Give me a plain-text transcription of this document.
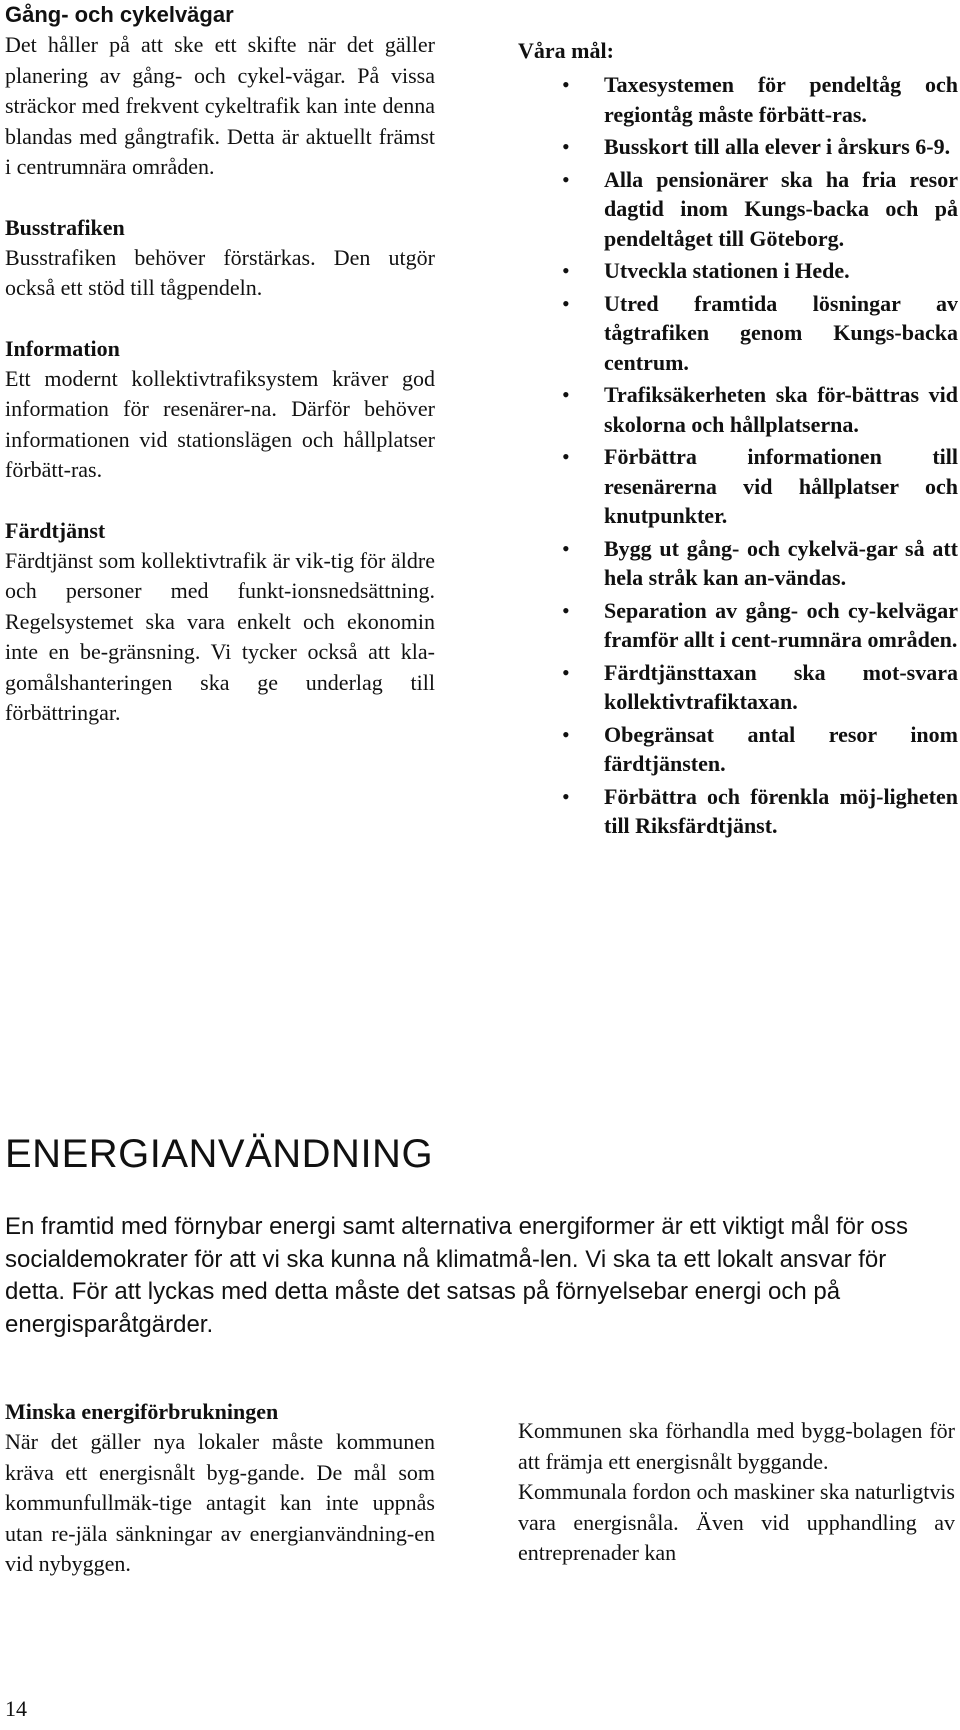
Gång- och cykelvägar

Det håller på att ske ett skifte när det gäller planering av gång- och cykel-vägar. På vissa sträckor med frekvent cykeltrafik kan inte denna blandas med gångtrafik. Detta är aktuellt främst i centrumnära områden.

Busstrafiken

Busstrafiken behöver förstärkas. Den utgör också ett stöd till tågpendeln.

Information

Ett modernt kollektivtrafiksystem kräver god information för resenärer-na. Därför behöver informationen vid stationslägen och hållplatser förbätt-ras.

Färdtjänst

Färdtjänst som kollektivtrafik är vik-tig för äldre och personer med funkt-ionsnedsättning. Regelsystemet ska vara enkelt och ekonomin inte en be-gränsning. Vi tycker också att kla-gomålshanteringen ska ge underlag till förbättringar.

Våra mål:
• Taxesystemen för pendeltåg och regiontåg måste förbätt-ras.
• Busskort till alla elever i årskurs 6-9.
• Alla pensionärer ska ha fria resor dagtid inom Kungs-backa och på pendeltåget till Göteborg.
• Utveckla stationen i Hede.
• Utred framtida lösningar av tågtrafiken genom Kungs-backa centrum.
• Trafiksäkerheten ska för-bättras vid skolorna och hållplatserna.
• Förbättra informationen till resenärerna vid hållplatser och knutpunkter.
• Bygg ut gång- och cykelvä-gar så att hela stråk kan an-vändas.
• Separation av gång- och cy-kelvägar framför allt i cent-rumnära områden.
• Färdtjänsttaxan ska mot-svara kollektivtrafiktaxan.
• Obegränsat antal resor inom färdtjänsten.
• Förbättra och förenkla möj-ligheten till Riksfärdtjänst.
ENERGIANVÄNDNING

En framtid med förnybar energi samt alternativa energiformer är ett viktigt mål för oss socialdemokrater för att vi ska kunna nå klimatmå-len. Vi ska ta ett lokalt ansvar för detta. För att lyckas med detta måste det satsas på förnyelsebar energi och på energisparåtgärder.

Minska energiförbrukningen

När det gäller nya lokaler måste kommunen kräva ett energisnålt byg-gande. De mål som kommunfullmäk-tige antagit kan inte uppnås utan re-jäla sänkningar av energianvändning-en vid nybyggen.

Kommunen ska förhandla med bygg-bolagen för att främja ett energisnålt byggande.

Kommunala fordon och maskiner ska naturligtvis vara energisnåla. Även vid upphandling av entreprenader kan

14
